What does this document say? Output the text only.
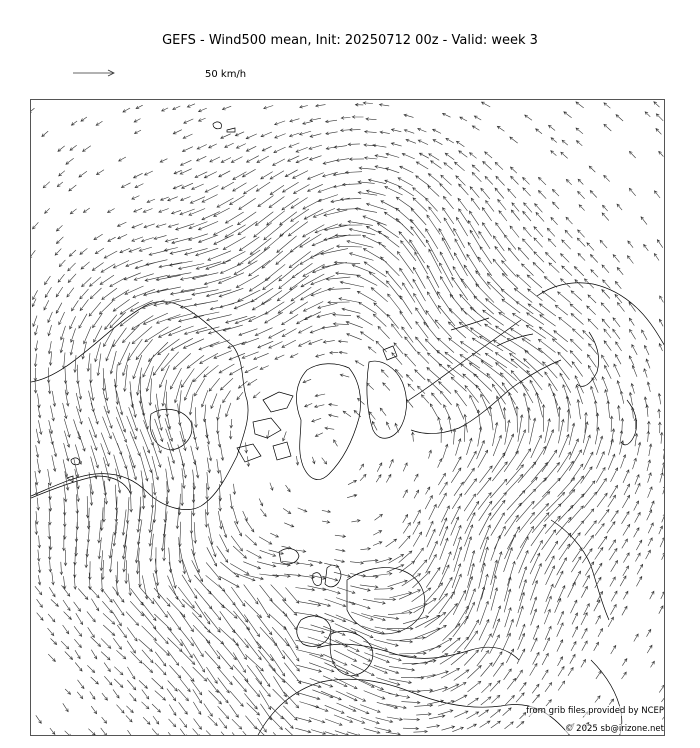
GEFS - Wind500 mean, Init: 20250712 00z - Valid: week 3
50 km/h
from grib files provided by NCEP
© 2025 sb@irizone.net
